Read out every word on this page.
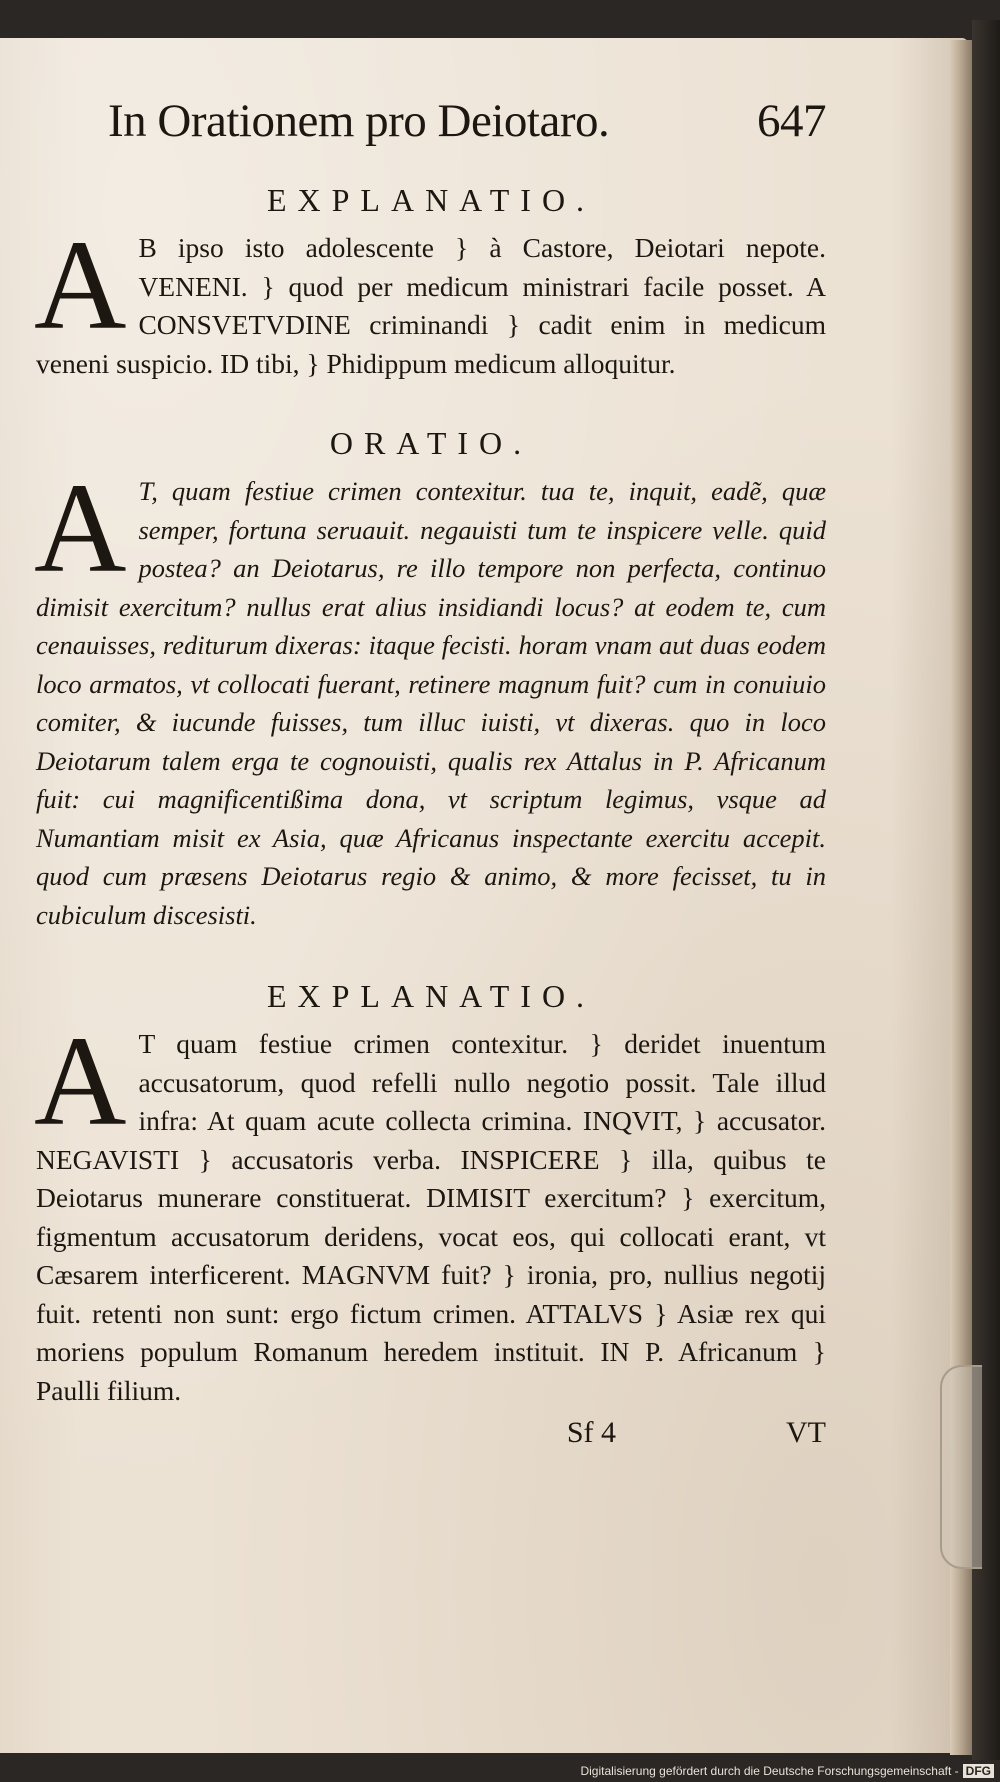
In Orationem pro Deiotaro.	647
EXPLANATIO.
A B ipso isto adolescente } à Castore, Deiotari nepote. VENENI. } quod per medicum ministrari facile posset. A CONSVETVDINE criminandi } cadit enim in medicum veneni suspicio. ID tibi, } Phidippum medicum alloquitur.
ORATIO.
A T, quam festiue crimen contexitur. tua te, inquit, eadẽ, quæ semper, fortuna seruauit. negauisti tum te inspicere velle. quid postea? an Deiotarus, re illo tempore non perfecta, continuo dimisit exercitum? nullus erat alius insidiandi locus? at eodem te, cum cenauisses, rediturum dixeras: itaque fecisti. horam vnam aut duas eodem loco armatos, vt collocati fuerant, retinere magnum fuit? cum in conuiuio comiter, & iucunde fuisses, tum illuc iuisti, vt dixeras. quo in loco Deiotarum talem erga te cognouisti, qualis rex Attalus in P. Africanum fuit: cui magnificentißima dona, vt scriptum legimus, vsque ad Numantiam misit ex Asia, quæ Africanus inspectante exercitu accepit. quod cum præsens Deiotarus regio & animo, & more fecisset, tu in cubiculum discesisti.
EXPLANATIO.
A T quam festiue crimen contexitur. } deridet inuentum accusatorum, quod refelli nullo negotio possit. Tale illud infra: At quam acute collecta crimina. INQVIT, } accusator. NEGAVISTI } accusatoris verba. INSPICERE } illa, quibus te Deiotarus munerare constituerat. DIMISIT exercitum? } exercitum, figmentum accusatorum deridens, vocat eos, qui collocati erant, vt Cæsarem interficerent. MAGNVM fuit? } ironia, pro, nullius negotij fuit. retenti non sunt: ergo fictum crimen. ATTALVS } Asiæ rex qui moriens populum Romanum heredem instituit. IN P. Africanum } Paulli filium.
Sf 4	VT
Digitalisierung gefördert durch die Deutsche Forschungsgemeinschaft - DFG
